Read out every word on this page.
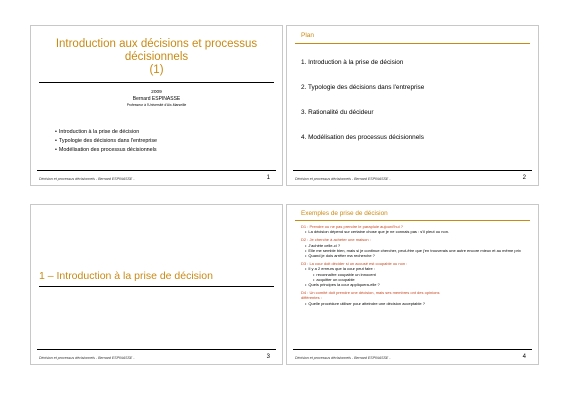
Introduction aux décisions et processus
décisionnels
(1)
2009
Bernard ESPINASSE
Professeur à l'Université d'Aix-Marseille
• Introduction à la prise de décision
• Typologie des décisions dans l'entreprise
• Modélisation des processus décisionnels
Décision et processus décisionnels - Bernard ESPINASSE -	1
Plan
1. Introduction à la prise de décision
2. Typologie des décisions dans l'entreprise
3. Rationalité du décideur
4. Modélisation des processus décisionnels
Décision et processus décisionnels - Bernard ESPINASSE -	2
1 – Introduction à la prise de décision
Décision et processus décisionnels - Bernard ESPINASSE -	3
Exemples de prise de décision
D1 : Prendre ou ne pas prendre le parapluie aujourd'hui ?
• La décision dépend sur certaine chose que je ne connais pas : s'il pleut ou non.
D2 : Je cherche à acheter une maison :
• J'achète celle-ci ?
• Elle me semble bien, mais si je continue chercher, peut-être que j'en trouverais une autre encore mieux et au même prix
• Quand je dois arrêter ma recherche ?
D3 : La cour doit décider si un accusé est coupable ou non :
• Il y a 2 erreurs que la cour peut faire :
• reconnaître coupable un innocent
• acquitter un coupable
• Quels principes la cour appliquera-elle ?
D4 : Un comité doit prendre une décision, mais ses membres ont des opinions
différentes :
• Quelle procédure utiliser pour atteindre une décision acceptable ?
Décision et processus décisionnels - Bernard ESPINASSE -	4
